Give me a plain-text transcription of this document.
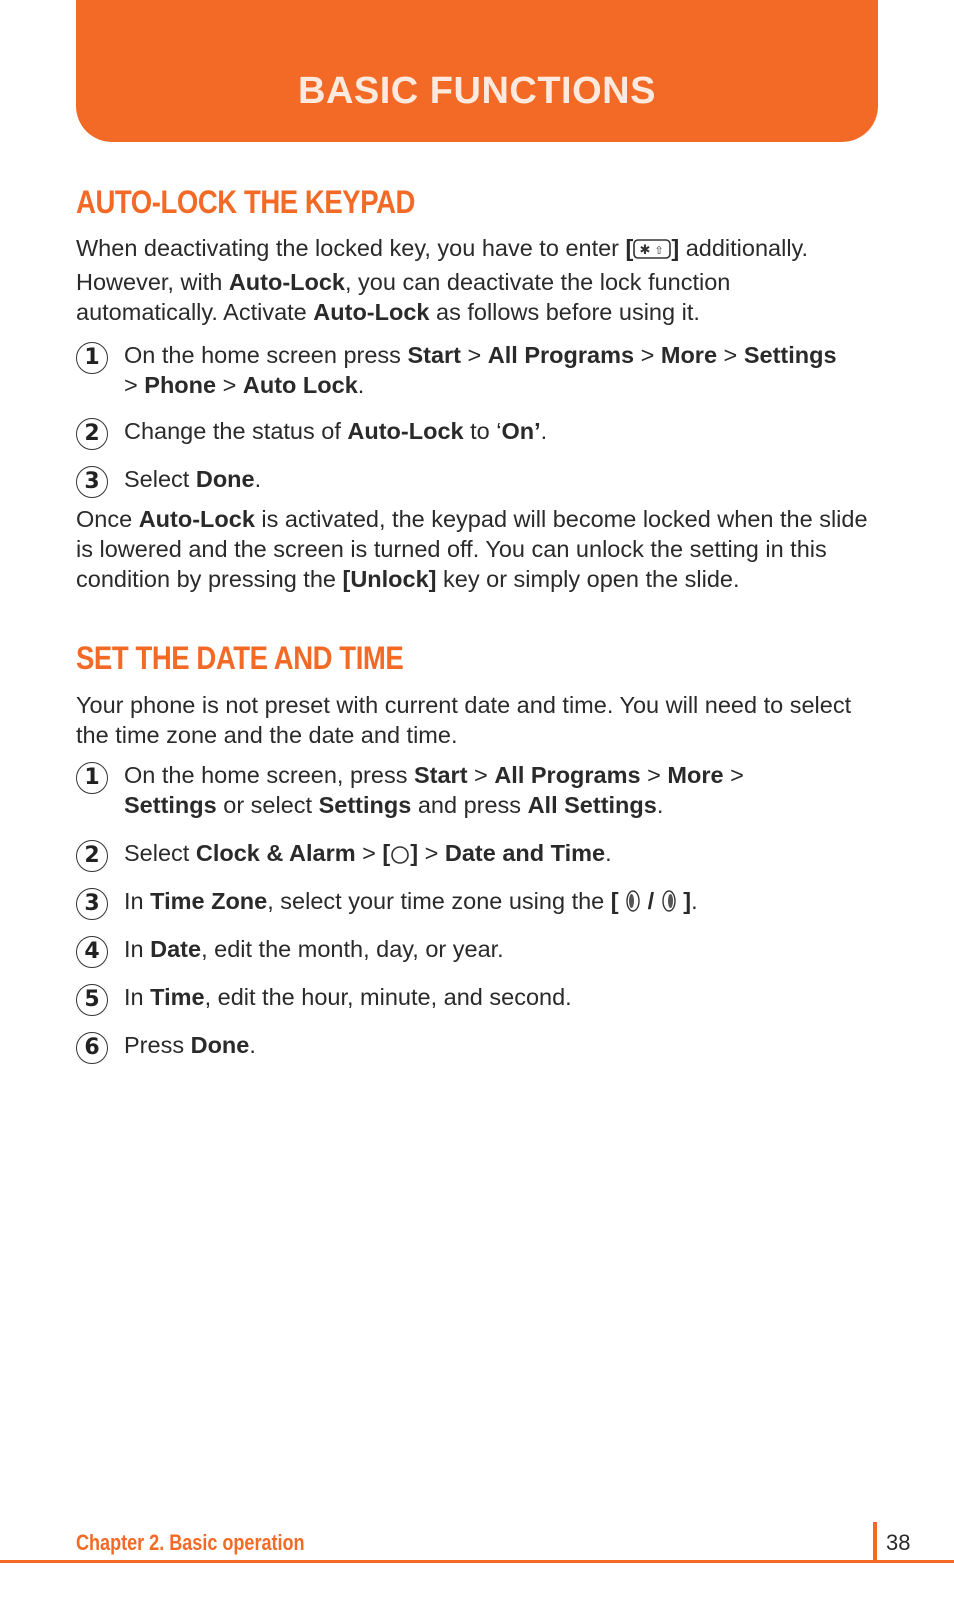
BASIC FUNCTIONS
AUTO-LOCK THE KEYPAD

When deactivating the locked key, you have to enter [ ✱ ⇧ ] additionally.
However, with Auto-Lock, you can deactivate the lock function automatically. Activate Auto-Lock as follows before using it.

1	On the home screen press Start > All Programs > More > Settings
> Phone > Auto Lock.

2	Change the status of Auto-Lock to ‘On’.

3	Select Done.

Once Auto-Lock is activated, the keypad will become locked when the slide is lowered and the screen is turned off. You can unlock the setting in this condition by pressing the [Unlock] key or simply open the slide.

SET THE DATE AND TIME

Your phone is not preset with current date and time. You will need to select the time zone and the date and time.

1	On the home screen, press Start > All Programs > More >
Settings or select Settings and press All Settings.

2	Select Clock & Alarm > [ ] > Date and Time.

3	In Time Zone, select your time zone using the [ / ].

4	In Date, edit the month, day, or year.

5	In Time, edit the hour, minute, and second.

6	Press Done.

Chapter 2. Basic operation	38
